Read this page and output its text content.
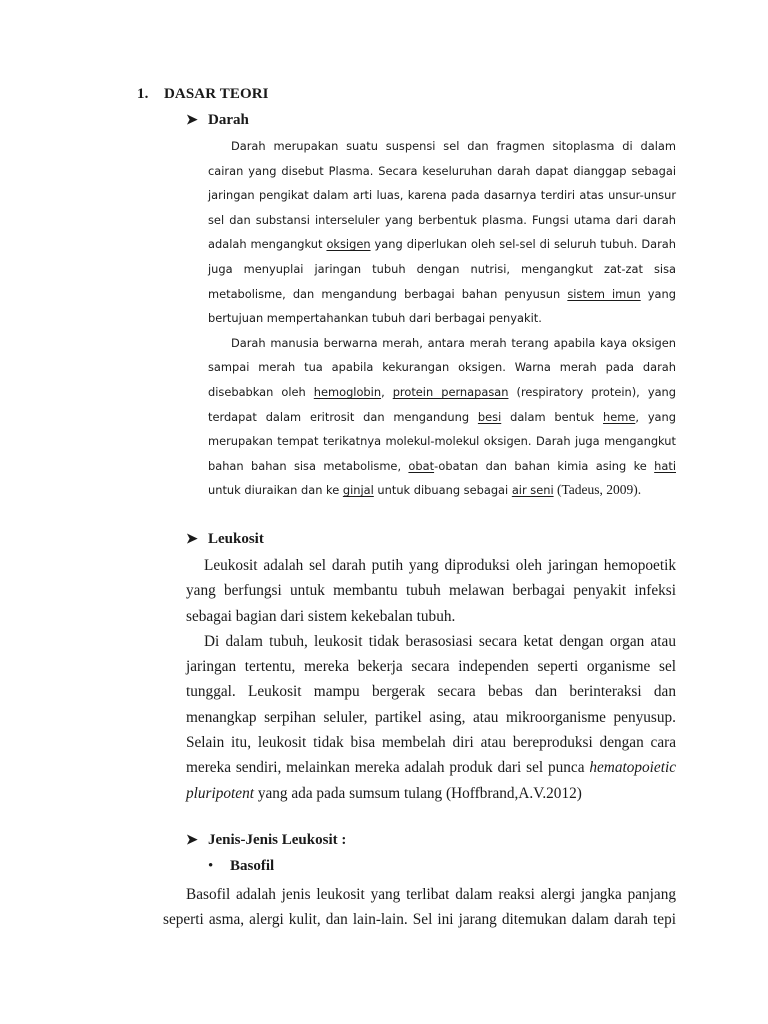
1. DASAR TEORI
➤ Darah
Darah merupakan suatu suspensi sel dan fragmen sitoplasma di dalam
cairan yang disebut Plasma. Secara keseluruhan darah dapat dianggap sebagai
jaringan pengikat dalam arti luas, karena pada dasarnya terdiri atas unsur-unsur
sel dan substansi interseluler yang berbentuk plasma. Fungsi utama dari darah
adalah mengangkut oksigen yang diperlukan oleh sel-sel di seluruh tubuh. Darah
juga menyuplai jaringan tubuh dengan nutrisi, mengangkut zat-zat sisa
metabolisme, dan mengandung berbagai bahan penyusun sistem imun yang
bertujuan mempertahankan tubuh dari berbagai penyakit.
Darah manusia berwarna merah, antara merah terang apabila kaya oksigen
sampai merah tua apabila kekurangan oksigen. Warna merah pada darah
disebabkan oleh hemoglobin, protein pernapasan (respiratory protein), yang
terdapat dalam eritrosit dan mengandung besi dalam bentuk heme, yang
merupakan tempat terikatnya molekul-molekul oksigen. Darah juga mengangkut
bahan bahan sisa metabolisme, obat-obatan dan bahan kimia asing ke hati
untuk diuraikan dan ke ginjal untuk dibuang sebagai air seni (Tadeus, 2009).
➤ Leukosit
Leukosit adalah sel darah putih yang diproduksi oleh jaringan hemopoetik
yang berfungsi untuk membantu tubuh melawan berbagai penyakit infeksi
sebagai bagian dari sistem kekebalan tubuh.
Di dalam tubuh, leukosit tidak berasosiasi secara ketat dengan organ atau
jaringan tertentu, mereka bekerja secara independen seperti organisme sel
tunggal. Leukosit mampu bergerak secara bebas dan berinteraksi dan
menangkap serpihan seluler, partikel asing, atau mikroorganisme penyusup.
Selain itu, leukosit tidak bisa membelah diri atau bereproduksi dengan cara
mereka sendiri, melainkan mereka adalah produk dari sel punca hematopoietic
pluripotent yang ada pada sumsum tulang (Hoffbrand,A.V.2012)
➤ Jenis-Jenis Leukosit :
• Basofil
Basofil adalah jenis leukosit yang terlibat dalam reaksi alergi jangka panjang
seperti asma, alergi kulit, dan lain-lain. Sel ini jarang ditemukan dalam darah tepi
